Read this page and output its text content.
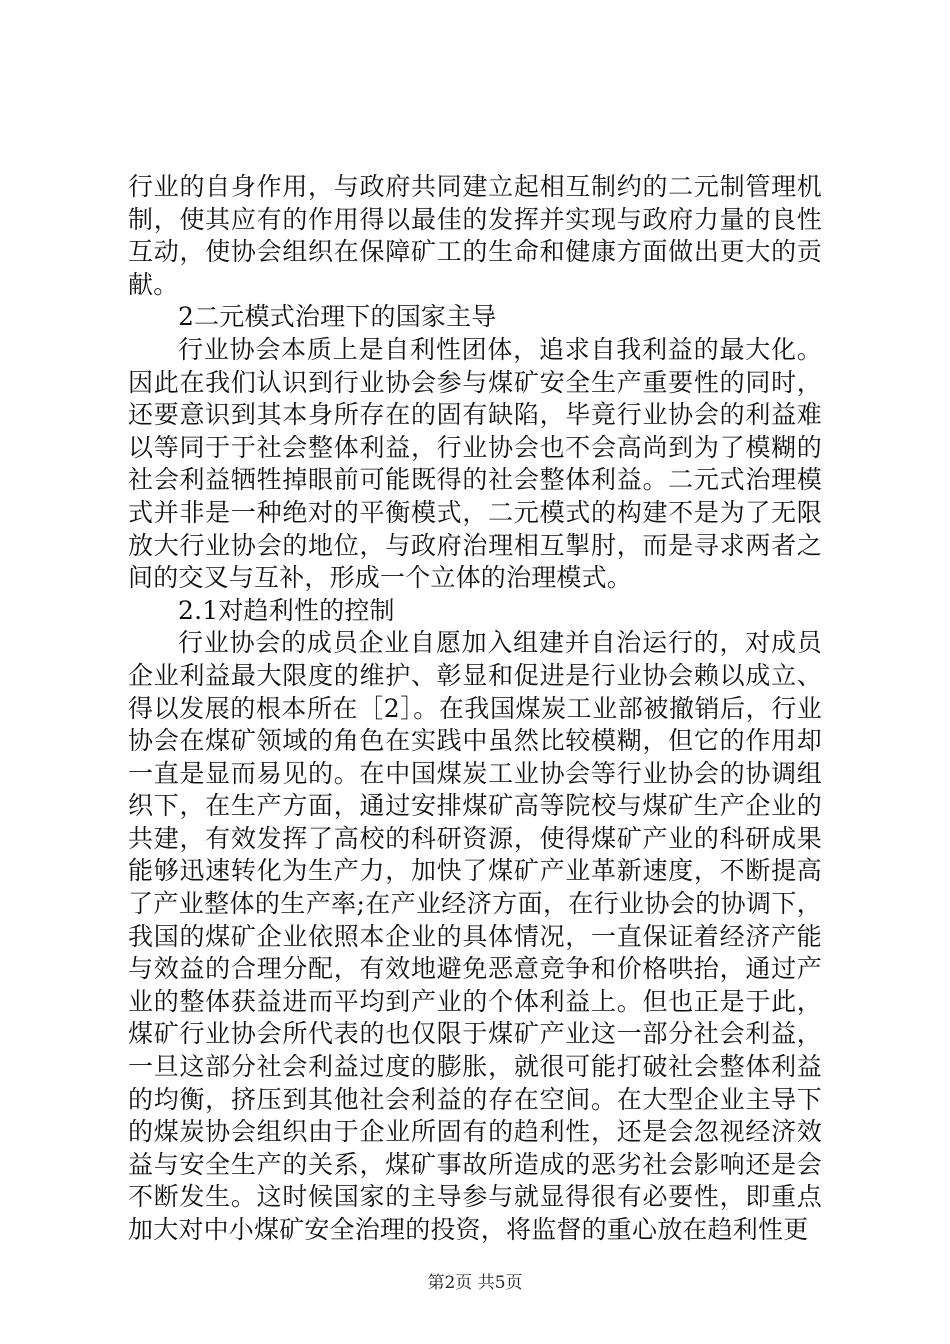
行业的自身作用，与政府共同建立起相互制约的二元制管理机制，使其应有的作用得以最佳的发挥并实现与政府力量的良性互动，使协会组织在保障矿工的生命和健康方面做出更大的贡献。

2二元模式治理下的国家主导

行业协会本质上是自利性团体，追求自我利益的最大化。因此在我们认识到行业协会参与煤矿安全生产重要性的同时，还要意识到其本身所存在的固有缺陷，毕竟行业协会的利益难以等同于于社会整体利益，行业协会也不会高尚到为了模糊的社会利益牺牲掉眼前可能既得的社会整体利益。二元式治理模式并非是一种绝对的平衡模式，二元模式的构建不是为了无限放大行业协会的地位，与政府治理相互掣肘，而是寻求两者之间的交叉与互补，形成一个立体的治理模式。

2.1对趋利性的控制

行业协会的成员企业自愿加入组建并自治运行的，对成员企业利益最大限度的维护、彰显和促进是行业协会赖以成立、得以发展的根本所在［2］。在我国煤炭工业部被撤销后，行业协会在煤矿领域的角色在实践中虽然比较模糊，但它的作用却一直是显而易见的。在中国煤炭工业协会等行业协会的协调组织下，在生产方面，通过安排煤矿高等院校与煤矿生产企业的共建，有效发挥了高校的科研资源，使得煤矿产业的科研成果能够迅速转化为生产力，加快了煤矿产业革新速度，不断提高了产业整体的生产率;在产业经济方面，在行业协会的协调下，我国的煤矿企业依照本企业的具体情况，一直保证着经济产能与效益的合理分配，有效地避免恶意竞争和价格哄抬，通过产业的整体获益进而平均到产业的个体利益上。但也正是于此，煤矿行业协会所代表的也仅限于煤矿产业这一部分社会利益，一旦这部分社会利益过度的膨胀，就很可能打破社会整体利益的均衡，挤压到其他社会利益的存在空间。在大型企业主导下的煤炭协会组织由于企业所固有的趋利性，还是会忽视经济效益与安全生产的关系，煤矿事故所造成的恶劣社会影响还是会不断发生。这时候国家的主导参与就显得很有必要性，即重点加大对中小煤矿安全治理的投资，将监督的重心放在趋利性更

第2页 共5页
